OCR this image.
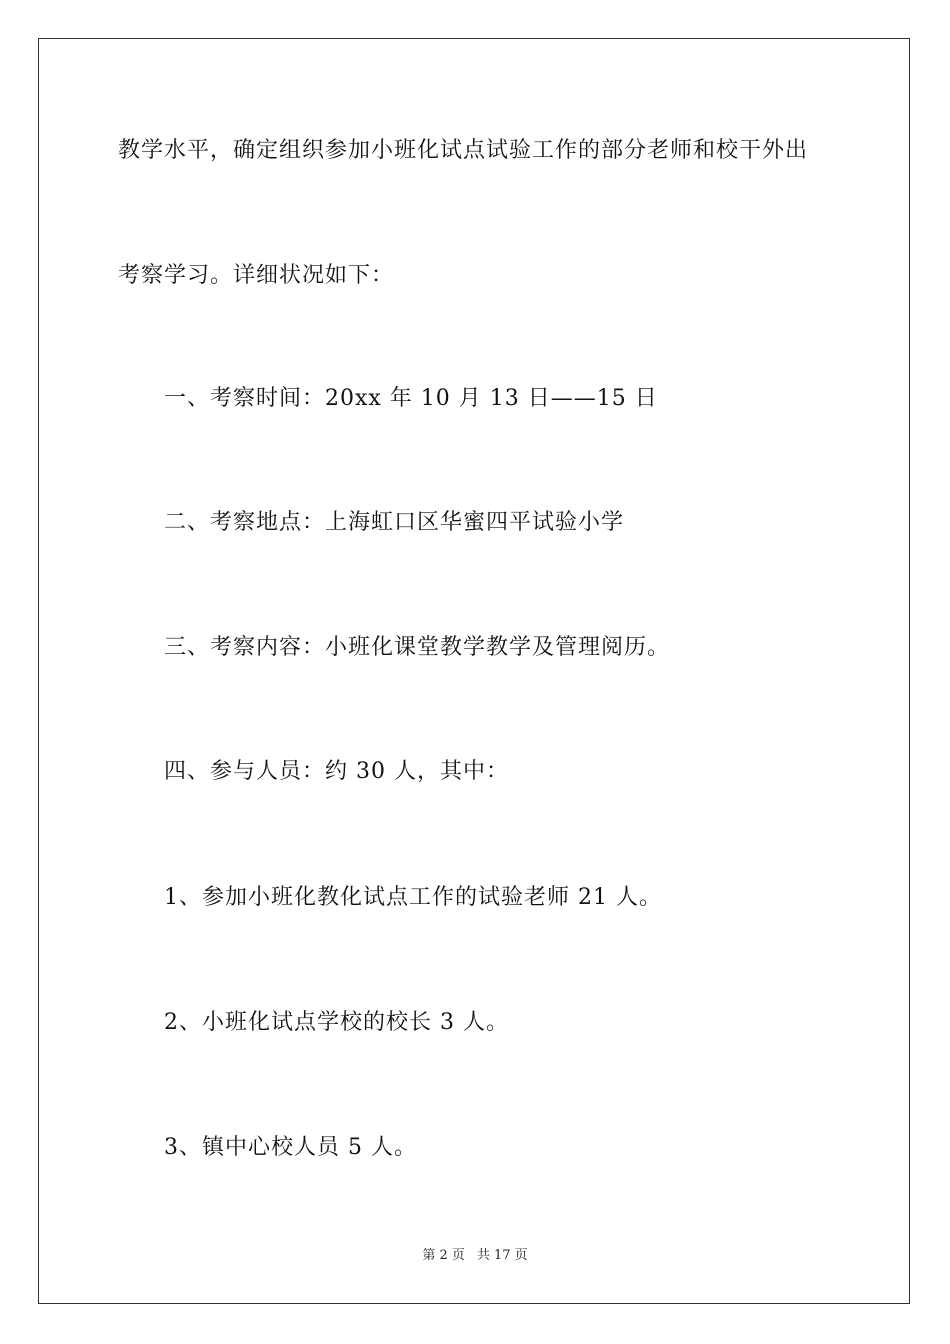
教学水平，确定组织参加小班化试点试验工作的部分老师和校干外出
考察学习。详细状况如下：
一、考察时间：20xx 年 10 月 13 日——15 日
二、考察地点：上海虹口区华蜜四平试验小学
三、考察内容：小班化课堂教学教学及管理阅历。
四、参与人员：约 30 人，其中：
1、参加小班化教化试点工作的试验老师 21 人。
2、小班化试点学校的校长 3 人。
3、镇中心校人员 5 人。
第 2 页 共 17 页
